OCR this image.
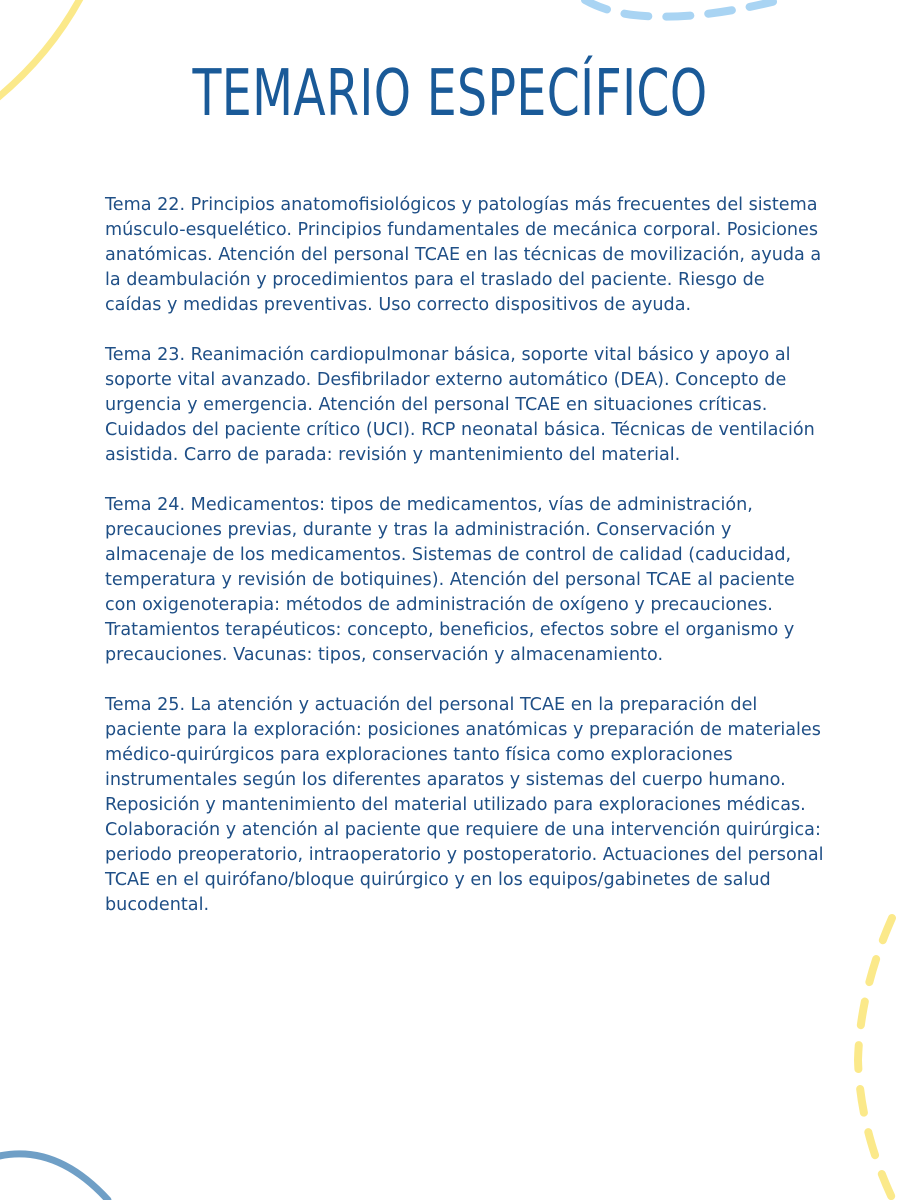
TEMARIO ESPECÍFICO

Tema 22. Principios anatomofisiológicos y patologías más frecuentes del sistema músculo-esquelético. Principios fundamentales de mecánica corporal. Posiciones anatómicas. Atención del personal TCAE en las técnicas de movilización, ayuda a la deambulación y procedimientos para el traslado del paciente. Riesgo de caídas y medidas preventivas. Uso correcto dispositivos de ayuda.

Tema 23. Reanimación cardiopulmonar básica, soporte vital básico y apoyo al soporte vital avanzado. Desfibrilador externo automático (DEA). Concepto de urgencia y emergencia. Atención del personal TCAE en situaciones críticas. Cuidados del paciente crítico (UCI). RCP neonatal básica. Técnicas de ventilación asistida. Carro de parada: revisión y mantenimiento del material.

Tema 24. Medicamentos: tipos de medicamentos, vías de administración, precauciones previas, durante y tras la administración. Conservación y almacenaje de los medicamentos. Sistemas de control de calidad (caducidad, temperatura y revisión de botiquines). Atención del personal TCAE al paciente con oxigenoterapia: métodos de administración de oxígeno y precauciones. Tratamientos terapéuticos: concepto, beneficios, efectos sobre el organismo y precauciones. Vacunas: tipos, conservación y almacenamiento.

Tema 25. La atención y actuación del personal TCAE en la preparación del paciente para la exploración: posiciones anatómicas y preparación de materiales médico-quirúrgicos para exploraciones tanto física como exploraciones instrumentales según los diferentes aparatos y sistemas del cuerpo humano. Reposición y mantenimiento del material utilizado para exploraciones médicas. Colaboración y atención al paciente que requiere de una intervención quirúrgica: periodo preoperatorio, intraoperatorio y postoperatorio. Actuaciones del personal TCAE en el quirófano/bloque quirúrgico y en los equipos/gabinetes de salud bucodental.
